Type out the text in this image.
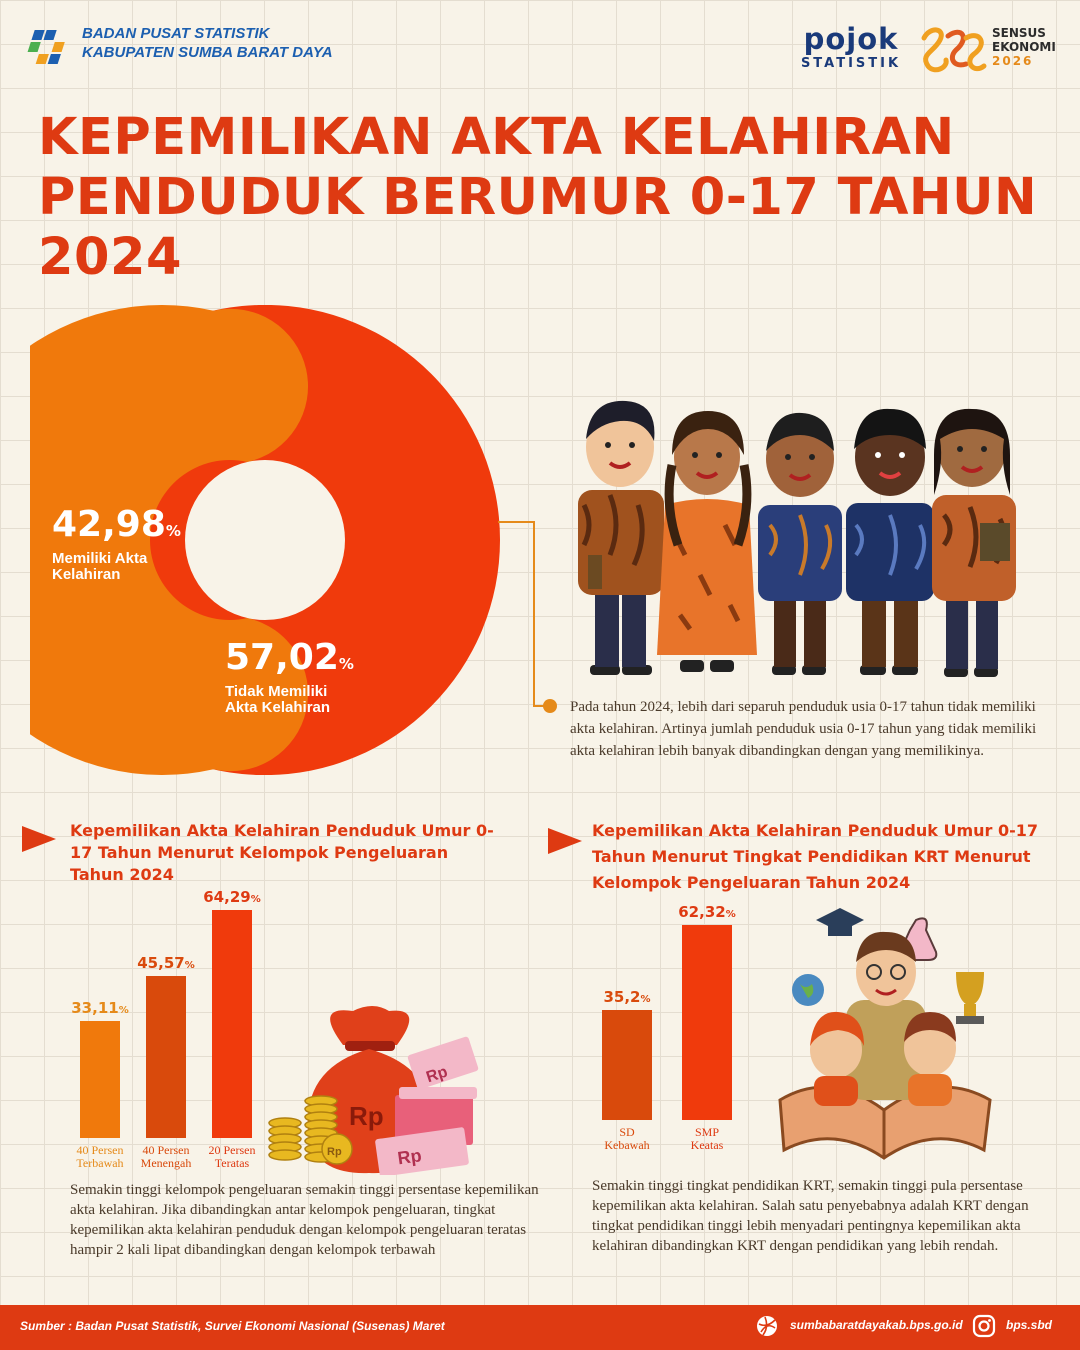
BADAN PUSAT STATISTIK
KABUPATEN SUMBA BARAT DAYA	pojok
STATISTIK
SENSUS
EKONOMI
2026
KEPEMILIKAN AKTA KELAHIRAN
PENDUDUK BERUMUR 0-17 TAHUN
2024
42,98%
Memiliki Akta
Kelahiran
57,02%
Tidak Memiliki
Akta Kelahiran	Pada tahun 2024, lebih dari separuh penduduk usia 0-17 tahun tidak memiliki akta kelahiran. Artinya jumlah penduduk usia 0-17 tahun yang tidak memiliki akta kelahiran lebih banyak dibandingkan dengan yang memilikinya.
Kepemilikan Akta Kelahiran Penduduk Umur 0-17 Tahun Menurut Kelompok Pengeluaran Tahun 2024
33,11%
40 Persen
Terbawah
45,57%
40 Persen
Menengah
64,29%
20 Persen
Teratas
Rp
Rp
Rp
Rp
Semakin tinggi kelompok pengeluaran semakin tinggi persentase kepemilikan akta kelahiran. Jika dibandingkan antar kelompok pengeluaran, tingkat kepemilikan akta kelahiran penduduk dengan kelompok pengeluaran teratas hampir 2 kali lipat dibandingkan dengan kelompok terbawah
Kepemilikan Akta Kelahiran Penduduk Umur 0-17 Tahun Menurut Tingkat Pendidikan KRT Menurut Kelompok Pengeluaran Tahun 2024
35,2%
SD
Kebawah
62,32%
SMP
Keatas
Semakin tinggi tingkat pendidikan KRT, semakin tinggi pula persentase kepemilikan akta kelahiran. Salah satu penyebabnya adalah KRT dengan tingkat pendidikan tinggi lebih menyadari pentingnya kepemilikan akta kelahiran dibandingkan KRT dengan pendidikan yang lebih rendah.
Sumber : Badan Pusat Statistik, Survei Ekonomi Nasional (Susenas) Maret	sumbabaratdayakab.bps.go.id	bps.sbd
